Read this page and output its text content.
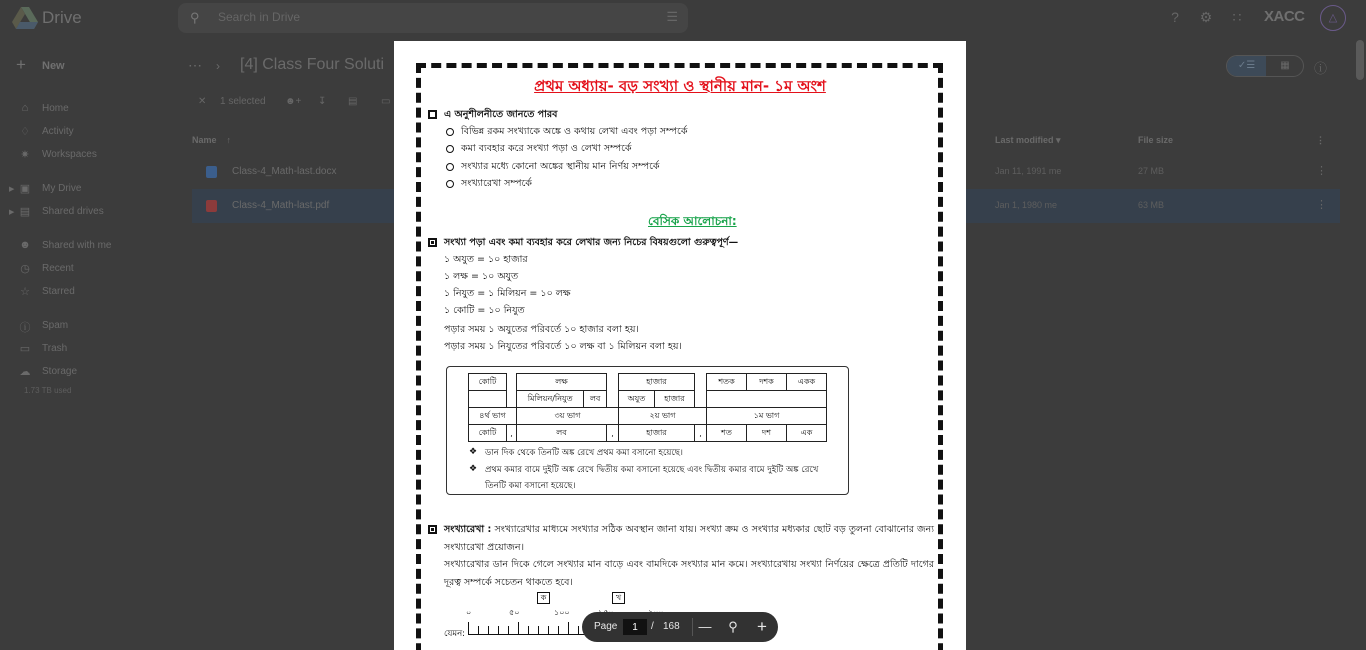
Drive	⚲ Search in Drive	☰	?	⚙	∷	XACC	△
+ New
⌂	Home
♢ Activity
✷ Workspaces
▶ ▣ My Drive
▶ ▤ Shared drives
☻ Shared with me
◷ Recent
☆ Starred
ⓘ Spam
▭ Trash
☁ Storage
1.73 TB used
⋯ › [4] Class Four Soluti	✓☰	▦	ⓘ
✕ 1 selected ☻+ ↧ ▤ ▭
Name ↑	Last modified ▾	File size	⋮
Class-4_Math-last.docx	Jan 11, 1991 me	27 MB	⋮
Class-4_Math-last.pdf	Jan 1, 1980 me	63 MB	⋮
প্রথম অধ্যায়- বড় সংখ্যা ও স্থানীয় মান- ১ম অংশ
এ অনুশীলনীতে জানতে পারব
বিভিন্ন রকম সংখ্যাকে অঙ্কে ও কথায় লেখা এবং পড়া সম্পর্কে
কমা ব্যবহার করে সংখ্যা পড়া ও লেখা সম্পর্কে
সংখ্যার মধ্যে কোনো অঙ্কের স্থানীয় মান নির্ণয় সম্পর্কে
সংখ্যারেখা সম্পর্কে
বেসিক আলোচনা:
সংখ্যা পড়া এবং কমা ব্যবহার করে লেখার জন্য নিচের বিষয়গুলো গুরুত্বপূর্ণ—
১ অযুত = ১০ হাজার
১ লক্ষ = ১০ অযুত
১ নিযুত = ১ মিলিয়ন = ১০ লক্ষ
১ কোটি = ১০ নিযুত
পড়ার সময় ১ অযুতের পরিবর্তে ১০ হাজার বলা হয়।
পড়ার সময় ১ নিযুতের পরিবর্তে ১০ লক্ষ বা ১ মিলিয়ন বলা হয়।
কোটি		লক্ষ			হাজার			শতক	দশক	একক
		মিলিয়ন/নিযুত	লব		অযুত	হাজার				
৪র্থ ভাগ		৩য় ভাগ			২য় ভাগ			১ম ভাগ		
কোটি	,	লব		,	হাজার		,	শত	দশ	এক
❖ ডান দিক থেকে তিনটি অঙ্ক রেখে প্রথম কমা বসানো হয়েছে।
❖ প্রথম কমার বামে দুইটি অঙ্ক রেখে দ্বিতীয় কমা বসানো হয়েছে এবং দ্বিতীয় কমার বামে দুইটি অঙ্ক রেখে
তিনটি কমা বসানো হয়েছে।
সংখ্যারেখা : সংখ্যারেখার মাধ্যমে সংখ্যার সঠিক অবস্থান জানা যায়। সংখ্যা ক্রম ও সংখ্যার মধ্যকার ছোট বড় তুলনা বোঝানোর জন্য সংখ্যারেখা প্রয়োজন।
সংখ্যারেখার ডান দিকে গেলে সংখ্যার মান বাড়ে এবং বামদিকে সংখ্যার মান কমে। সংখ্যারেখায় সংখ্যা নির্ণয়ের ক্ষেত্রে প্রতিটি দাগের দূরত্ব সম্পর্কে সচেতন থাকতে হবে।
যেমন:
০	৫০	১০০
ক	খ
Page
1	/ 168 —	⚲	+
